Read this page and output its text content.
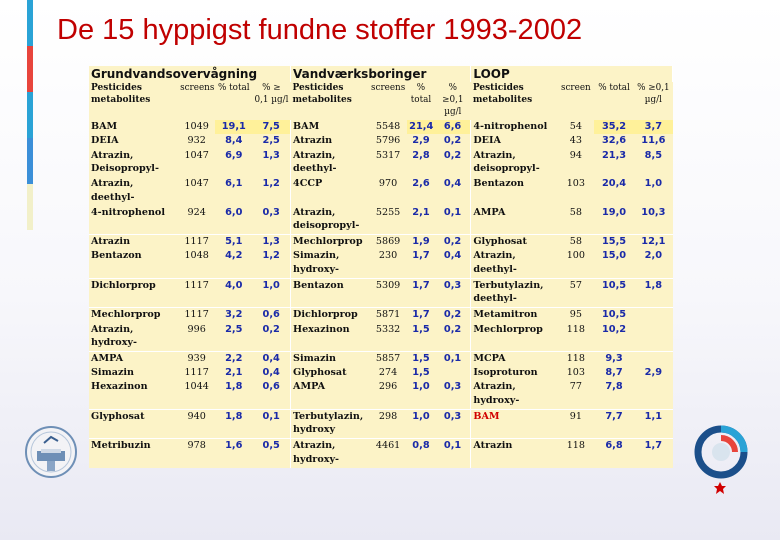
De 15 hyppigst fundne stoffer 1993-2002
Grundvandsovervågning				Vandværksboringer				LOOP			
Pesticides metabolites	screens	% total	% ≥ 0,1 µg/l	Pesticides metabolites	screens	% total	% ≥0,1 µg/l	Pesticides metabolites	screen	% total	% ≥0,1 µg/l
BAM	1049	19,1	7,5	BAM	5548	21,4	6,6	4-nitrophenol	54	35,2	3,7
DEIA	932	8,4	2,5	Atrazin	5796	2,9	0,2	DEIA	43	32,6	11,6
Atrazin, Deisopropyl-	1047	6,9	1,3	Atrazin, deethyl-	5317	2,8	0,2	Atrazin, deisopropyl-	94	21,3	8,5
Atrazin, deethyl-	1047	6,1	1,2	4CCP	970	2,6	0,4	Bentazon	103	20,4	1,0
4-nitrophenol	924	6,0	0,3	Atrazin, deisopropyl-	5255	2,1	0,1	AMPA	58	19,0	10,3
Atrazin	1117	5,1	1,3	Mechlorprop	5869	1,9	0,2	Glyphosat	58	15,5	12,1
Bentazon	1048	4,2	1,2	Simazin, hydroxy-	230	1,7	0,4	Atrazin, deethyl-	100	15,0	2,0
Dichlorprop	1117	4,0	1,0	Bentazon	5309	1,7	0,3	Terbutylazin, deethyl-	57	10,5	1,8
Mechlorprop	1117	3,2	0,6	Dichlorprop	5871	1,7	0,2	Metamitron	95	10,5	
Atrazin, hydroxy-	996	2,5	0,2	Hexazinon	5332	1,5	0,2	Mechlorprop	118	10,2	
AMPA	939	2,2	0,4	Simazin	5857	1,5	0,1	MCPA	118	9,3	
Simazin	1117	2,1	0,4	Glyphosat	274	1,5		Isoproturon	103	8,7	2,9
Hexazinon	1044	1,8	0,6	AMPA	296	1,0	0,3	Atrazin, hydroxy-	77	7,8	
Glyphosat	940	1,8	0,1	Terbutylazin, hydroxy	298	1,0	0,3	BAM	91	7,7	1,1
Metribuzin	978	1,6	0,5	Atrazin, hydroxy-	4461	0,8	0,1	Atrazin	118	6,8	1,7
